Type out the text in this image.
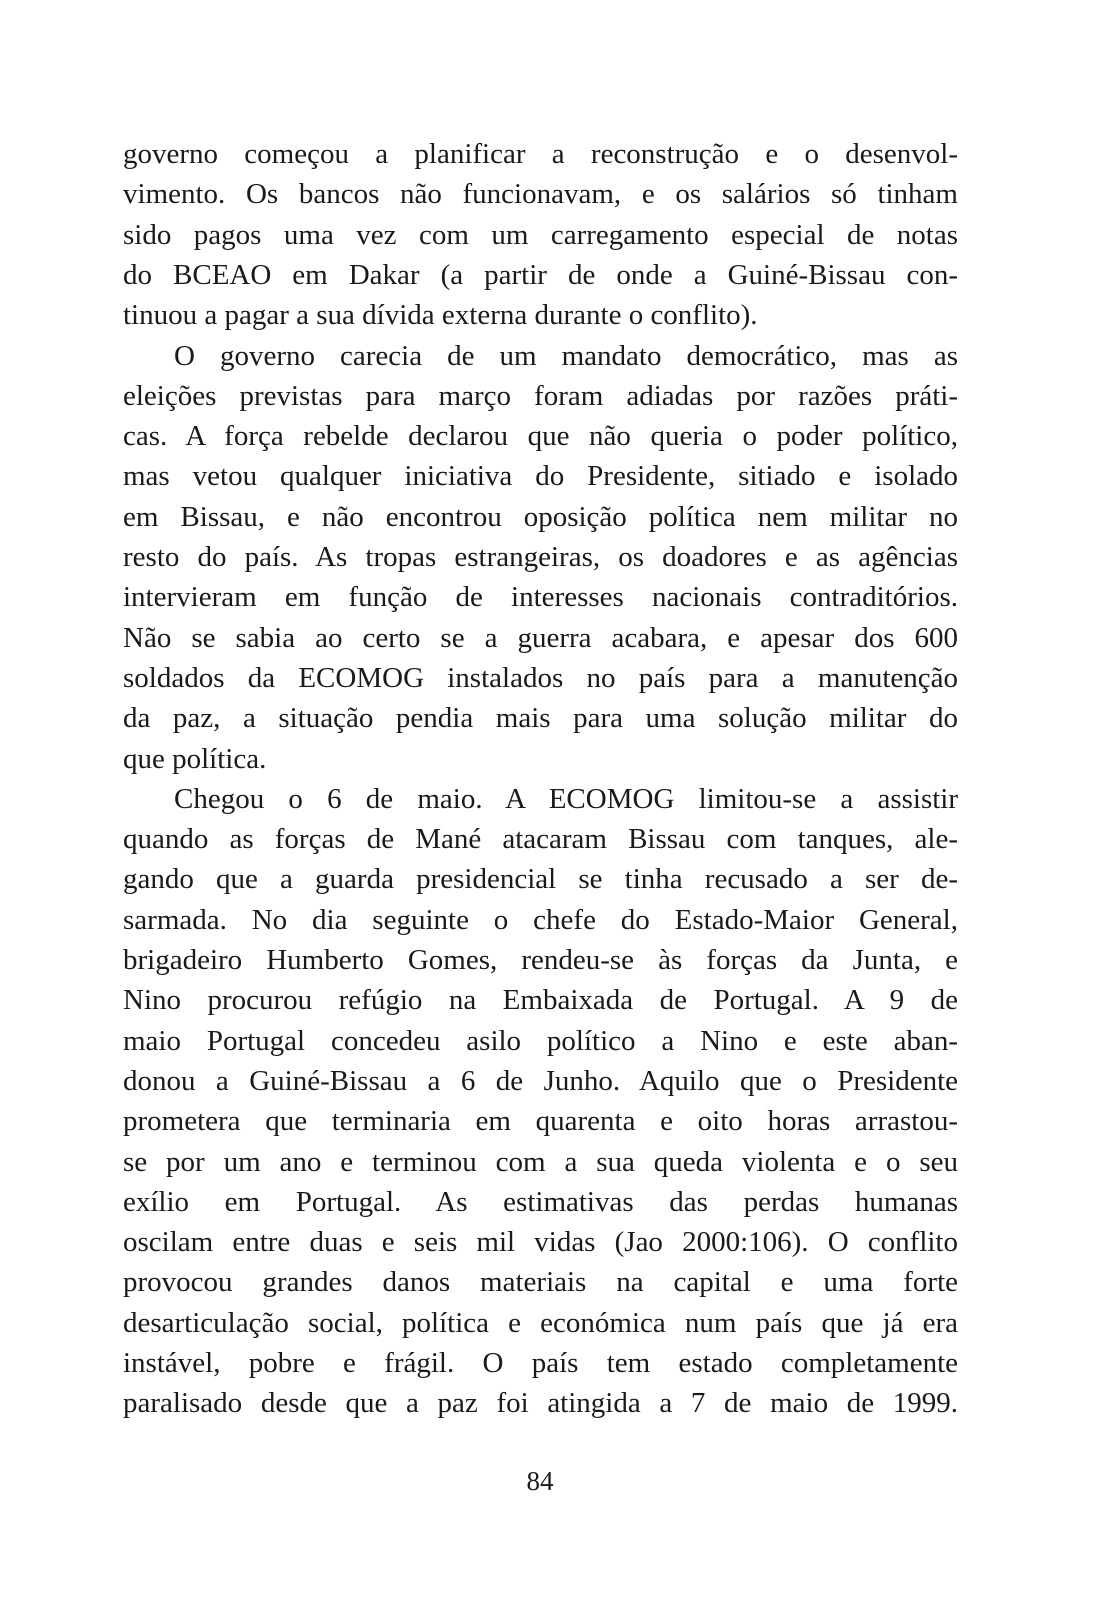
governo começou a planificar a reconstrução e o desenvol-
vimento. Os bancos não funcionavam, e os salários só tinham
sido pagos uma vez com um carregamento especial de notas
do BCEAO em Dakar (a partir de onde a Guiné-Bissau con-
tinuou a pagar a sua dívida externa durante o conflito).
O governo carecia de um mandato democrático, mas as
eleições previstas para março foram adiadas por razões práti-
cas. A força rebelde declarou que não queria o poder político,
mas vetou qualquer iniciativa do Presidente, sitiado e isolado
em Bissau, e não encontrou oposição política nem militar no
resto do país. As tropas estrangeiras, os doadores e as agências
intervieram em função de interesses nacionais contraditórios.
Não se sabia ao certo se a guerra acabara, e apesar dos 600
soldados da ECOMOG instalados no país para a manutenção
da paz, a situação pendia mais para uma solução militar do
que política.
Chegou o 6 de maio. A ECOMOG limitou-se a assistir
quando as forças de Mané atacaram Bissau com tanques, ale-
gando que a guarda presidencial se tinha recusado a ser de-
sarmada. No dia seguinte o chefe do Estado-Maior General,
brigadeiro Humberto Gomes, rendeu-se às forças da Junta, e
Nino procurou refúgio na Embaixada de Portugal. A 9 de
maio Portugal concedeu asilo político a Nino e este aban-
donou a Guiné-Bissau a 6 de Junho. Aquilo que o Presidente
prometera que terminaria em quarenta e oito horas arrastou-
se por um ano e terminou com a sua queda violenta e o seu
exílio em Portugal. As estimativas das perdas humanas
oscilam entre duas e seis mil vidas (Jao 2000:106). O conflito
provocou grandes danos materiais na capital e uma forte
desarticulação social, política e económica num país que já era
instável, pobre e frágil. O país tem estado completamente
paralisado desde que a paz foi atingida a 7 de maio de 1999.
84
